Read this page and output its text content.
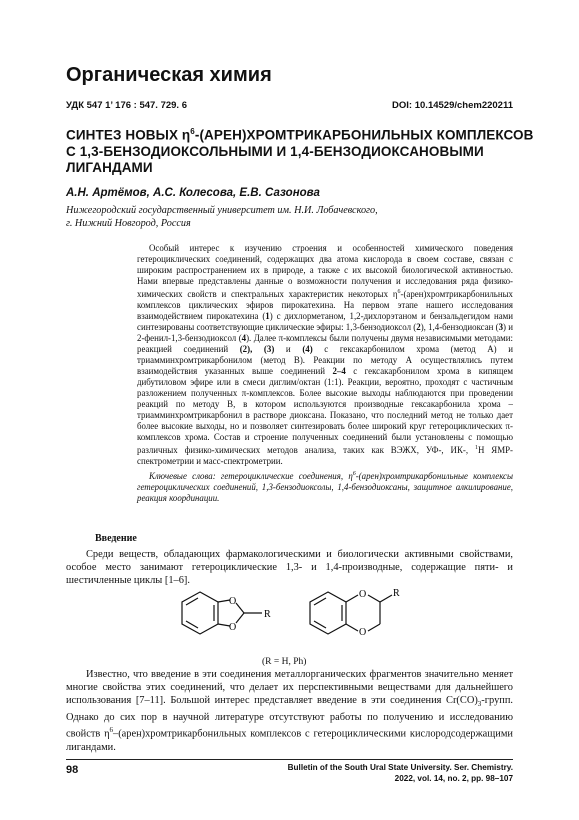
Органическая химия
УДК 547 1’ 176 : 547. 729. 6	DOI: 10.14529/chem220211
СИНТЕЗ НОВЫХ $\eta^6-(АРЕН)ХРОМТРИКАРБОНИЛЬНЫХ$ КОМПЛЕКСОВ С 1,3-БЕНЗОДИОКСОЛЬНЫМИ И 1,4-БЕНЗОДИОКСАНОВЫМИ ЛИГАНДАМИ
А.Н. Артёмов, А.С. Колесова, Е.В. Сазонова
Нижегородский государственный университет им. Н.И. Лобачевского,
г. Нижний Новгород, Россия
Особый интерес к изучению строения и особенностей химического поведения гетероциклических соединений, содержащих два атома кислорода в своем составе, связан с широким распространением их в природе, а также с их высокой биологической активностью. Нами впервые представлены данные о возможности получения и исследования ряда физико-химических свойств и спектральных характеристик некоторых $\eta^6-(арен)хромтрикарбонильных$ комплексов циклических эфиров пирокатехина. На первом этапе нашего исследования взаимодействием пирокатехина (1) с дихлорметаном, 1,2-дихлорэтаном и бензальдегидом нами синтезированы соответствующие циклические эфиры: 1,3-бензодиоксол (2), 1,4-бензодиоксан (3) и 2-фенил-1,3-бензодиоксол (4). Далее π-комплексы были получены двумя независимыми методами: реакцией соединений (2), (3) и (4) с гексакарбонилом хрома (метод А) и триамминхромтрикарбонилом (метод В). Реакции по методу А осуществлялись путем взаимодействия указанных выше соединений 2–4 с гексакарбонилом хрома в кипящем дибутиловом эфире или в смеси диглим/октан (1:1). Реакции, вероятно, проходят с частичным разложением полученных π-комплексов. Более высокие выходы наблюдаются при проведении реакций по методу В, в котором используются производные гексакарбонила хрома – триамминхромтрикарбонил в растворе диоксана. Показано, что последний метод не только дает более высокие выходы, но и позволяет синтезировать более широкий круг гетероциклических π-комплексов хрома. Состав и строение полученных соединений были установлены с помощью различных физико-химических методов анализа, таких как ВЭЖХ, УФ-, ИК-, $^1$Н ЯМР-спектрометрии и масс-спектрометрии.
Ключевые слова: гетероциклические соединения, $\eta^6-(арен)хромтрикарбонильные$ комплексы гетероциклических соединений, 1,3-бензодиоксолы, 1,4-бензодиоксаны, защитное алкилирование, реакция координации.
Введение
Среди веществ, обладающих фармакологическими и биологически активными свойствами, особое место занимают гетероциклические 1,3- и 1,4-производные, содержащие пяти- и шестичленные циклы [1–6].
O
O
R
O
O
R
(R = H, Ph)
Известно, что введение в эти соединения металлорганических фрагментов значительно меняет многие свойства этих соединений, что делает их перспективными веществами для дальнейшего использования [7–11]. Большой интерес представляет введение в эти соединения $Cr(CO)_3$-групп. Однако до сих пор в научной литературе отсутствуют работы по получению и исследованию свойств $\eta^6-(арен)хромтрикарбонильных$ комплексов с гетероциклическими кислородсодержащими лигандами.
98	Bulletin of the South Ural State University. Ser. Chemistry.
2022, vol. 14, no. 2, pp. 98–107
